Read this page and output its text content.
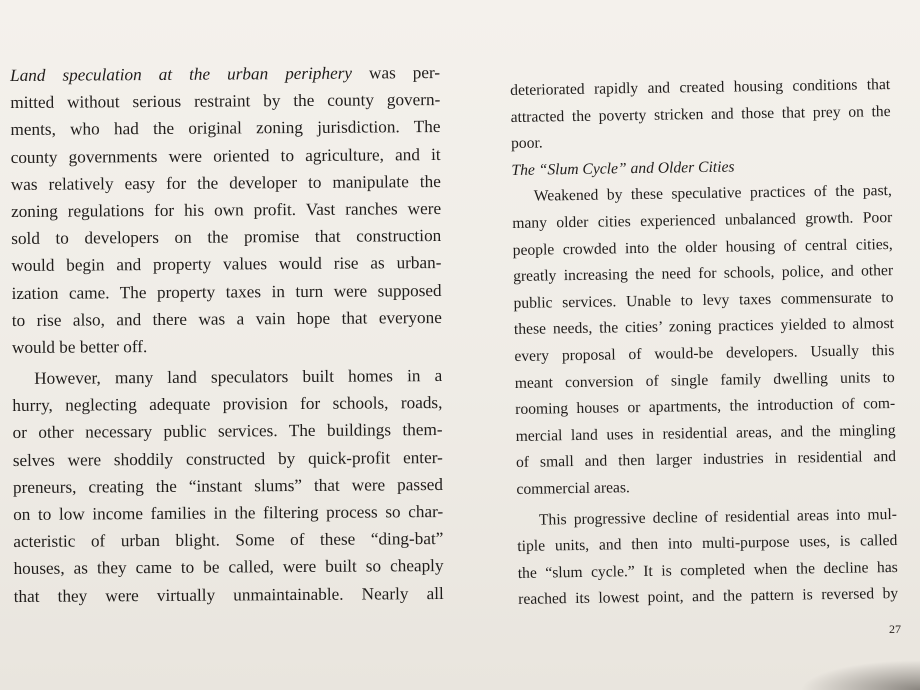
Land speculation at the urban periphery was per-
mitted without serious restraint by the county govern-
ments, who had the original zoning jurisdiction. The
county governments were oriented to agriculture, and it
was relatively easy for the developer to manipulate the
zoning regulations for his own profit. Vast ranches were
sold to developers on the promise that construction
would begin and property values would rise as urban-
ization came. The property taxes in turn were supposed
to rise also, and there was a vain hope that everyone
would be better off.
However, many land speculators built homes in a
hurry, neglecting adequate provision for schools, roads,
or other necessary public services. The buildings them-
selves were shoddily constructed by quick-profit enter-
preneurs, creating the “instant slums” that were passed
on to low income families in the filtering process so char-
acteristic of urban blight. Some of these “ding-bat”
houses, as they came to be called, were built so cheaply
that they were virtually unmaintainable. Nearly all
deteriorated rapidly and created housing conditions that
attracted the poverty stricken and those that prey on the
poor.
The “Slum Cycle” and Older Cities
Weakened by these speculative practices of the past,
many older cities experienced unbalanced growth. Poor
people crowded into the older housing of central cities,
greatly increasing the need for schools, police, and other
public services. Unable to levy taxes commensurate to
these needs, the cities’ zoning practices yielded to almost
every proposal of would-be developers. Usually this
meant conversion of single family dwelling units to
rooming houses or apartments, the introduction of com-
mercial land uses in residential areas, and the mingling
of small and then larger industries in residential and
commercial areas.
This progressive decline of residential areas into mul-
tiple units, and then into multi-purpose uses, is called
the “slum cycle.” It is completed when the decline has
reached its lowest point, and the pattern is reversed by
27
